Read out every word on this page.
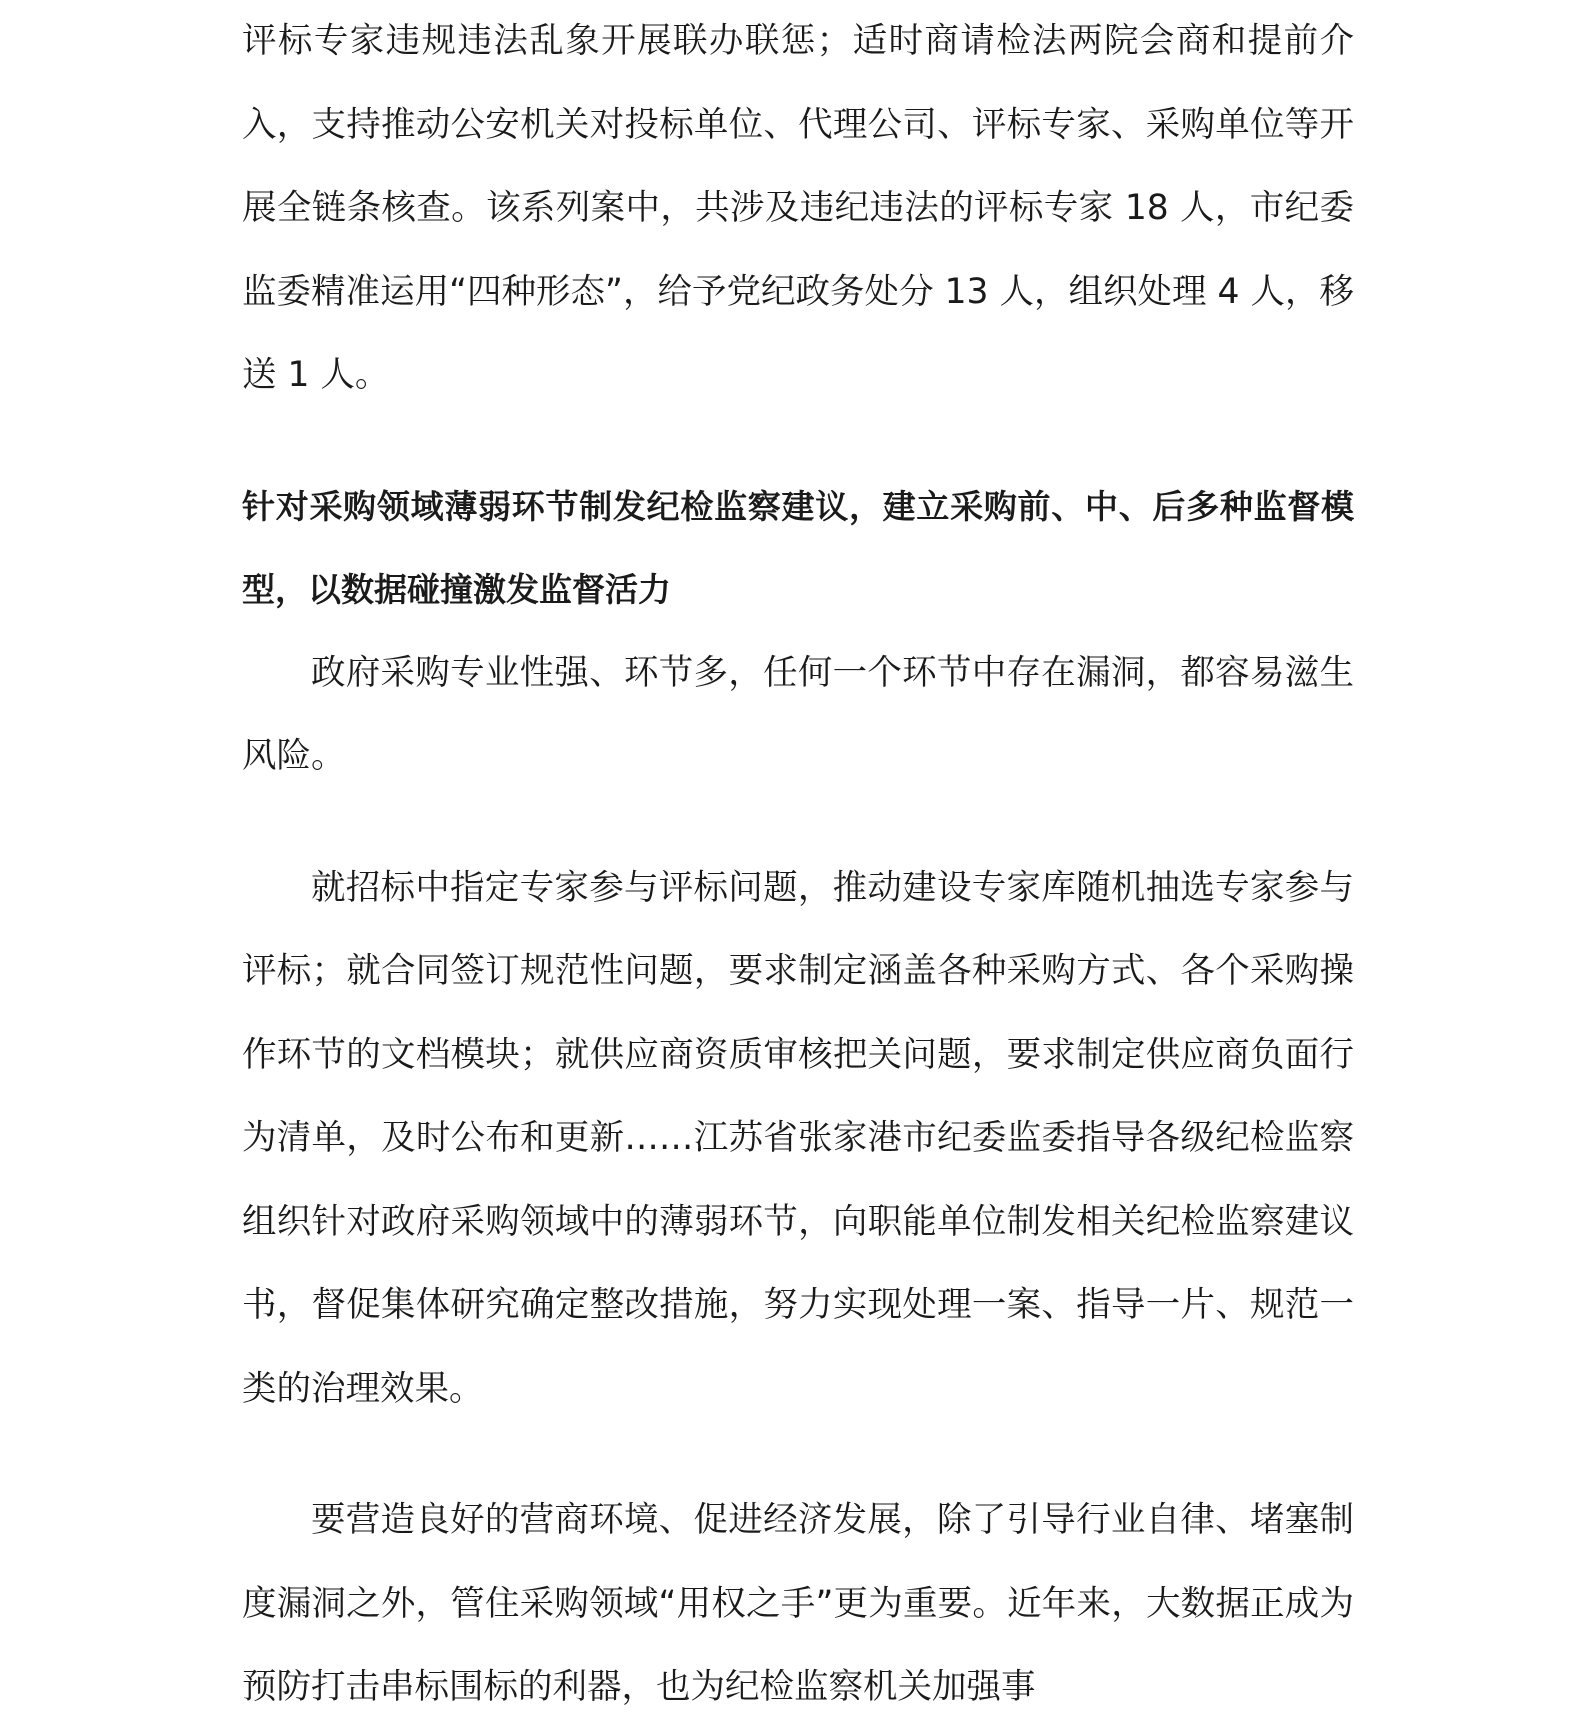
评标专家违规违法乱象开展联办联惩；适时商请检法两院会商和提前介入，支持推动公安机关对投标单位、代理公司、评标专家、采购单位等开展全链条核查。该系列案中，共涉及违纪违法的评标专家 18 人，市纪委监委精准运用“四种形态”，给予党纪政务处分 13 人，组织处理 4 人，移送 1 人。

针对采购领域薄弱环节制发纪检监察建议，建立采购前、中、后多种监督模型，以数据碰撞激发监督活力

政府采购专业性强、环节多，任何一个环节中存在漏洞，都容易滋生风险。

就招标中指定专家参与评标问题，推动建设专家库随机抽选专家参与评标；就合同签订规范性问题，要求制定涵盖各种采购方式、各个采购操作环节的文档模块；就供应商资质审核把关问题，要求制定供应商负面行为清单，及时公布和更新……江苏省张家港市纪委监委指导各级纪检监察组织针对政府采购领域中的薄弱环节，向职能单位制发相关纪检监察建议书，督促集体研究确定整改措施，努力实现处理一案、指导一片、规范一类的治理效果。

要营造良好的营商环境、促进经济发展，除了引导行业自律、堵塞制度漏洞之外，管住采购领域“用权之手”更为重要。近年来，大数据正成为预防打击串标围标的利器，也为纪检监察机关加强事
